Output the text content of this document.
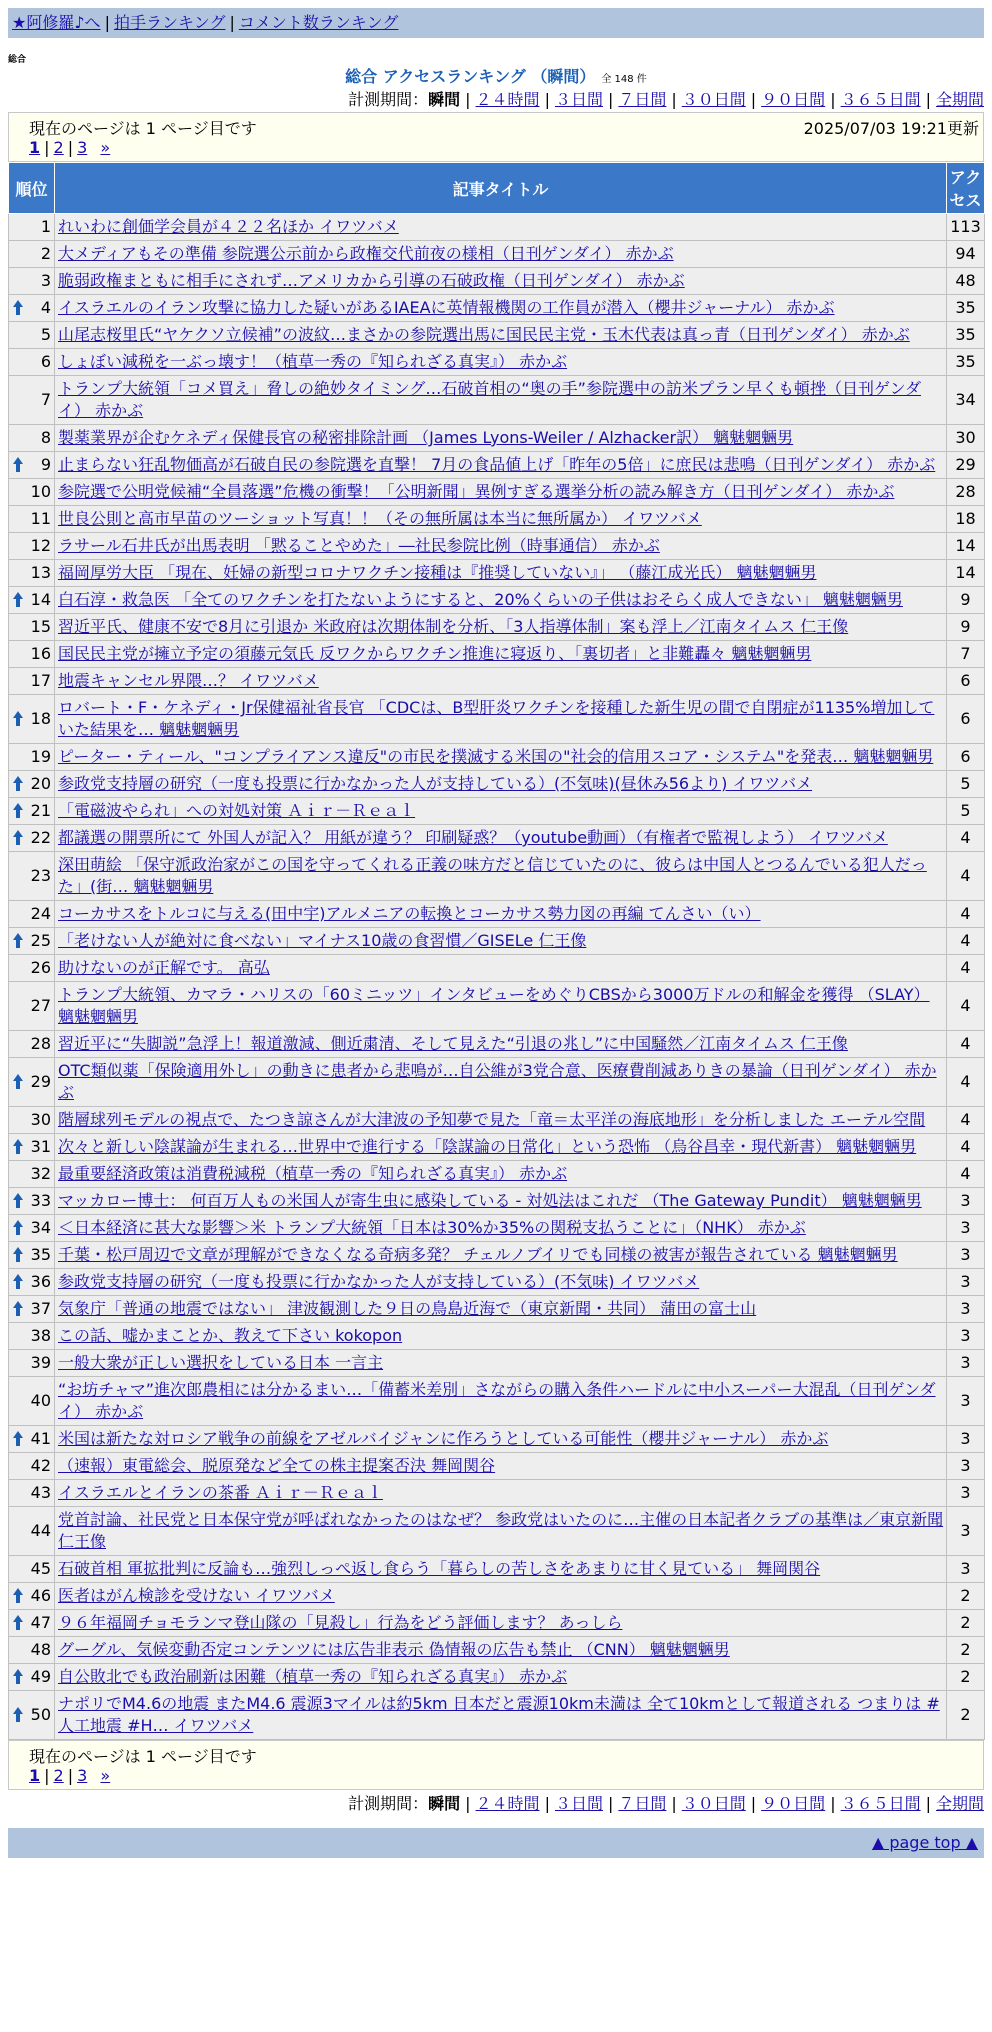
★阿修羅♪へ | 拍手ランキング | コメント数ランキング
総合
総合 アクセスランキング （瞬間） 全 148 件
計測期間：瞬間 | ２４時間 | ３日間 | ７日間 | ３０日間 | ９０日間 | ３６５日間 | 全期間
現在のページは 1 ページ目です	2025/07/03 19:21更新
1 | 2 | 3 »
順位	記事タイトル	アクセス
1	れいわに創価学会員が４２２名ほか イワツバメ	113
2	大メディアもその準備 参院選公示前から政権交代前夜の様相（日刊ゲンダイ） 赤かぶ	94
3	脆弱政権まともに相手にされず…アメリカから引導の石破政権（日刊ゲンダイ） 赤かぶ	48

4	イスラエルのイラン攻撃に協力した疑いがあるIAEAに英情報機関の工作員が潜入（櫻井ジャーナル） 赤かぶ	35
5	山尾志桜里氏“ヤケクソ立候補”の波紋…まさかの参院選出馬に国民民主党・玉木代表は真っ青（日刊ゲンダイ） 赤かぶ	35
6	しょぼい減税を一ぶっ壊す！（植草一秀の『知られざる真実』） 赤かぶ	35
7	トランプ大統領「コメ買え」脅しの絶妙タイミング…石破首相の“奥の手”参院選中の訪米プラン早くも頓挫（日刊ゲンダイ） 赤かぶ	34
8	製薬業界が企むケネディ保健長官の秘密排除計画 （James Lyons-Weiler / Alzhacker訳） 魑魅魍魎男	30

9	止まらない狂乱物価高が石破自民の参院選を直撃！ 7月の食品値上げ「昨年の5倍」に庶民は悲鳴（日刊ゲンダイ） 赤かぶ	29
10	参院選で公明党候補“全員落選”危機の衝撃！「公明新聞」異例すぎる選挙分析の読み解き方（日刊ゲンダイ） 赤かぶ	28
11	世良公則と高市早苗のツーショット写真！！（その無所属は本当に無所属か） イワツバメ	18
12	ラサール石井氏が出馬表明 「黙ることやめた」―社民参院比例（時事通信） 赤かぶ	14
13	福岡厚労大臣 「現在、妊婦の新型コロナワクチン接種は『推奨していない』」 （藤江成光氏） 魑魅魍魎男	14

14	白石淳・救急医 「全てのワクチンを打たないようにすると、20%くらいの子供はおそらく成人できない」 魑魅魍魎男	9
15	習近平氏、健康不安で8月に引退か 米政府は次期体制を分析、「3人指導体制」案も浮上／江南タイムス 仁王像	9
16	国民民主党が擁立予定の須藤元気氏 反ワクからワクチン推進に寝返り、「裏切者」と非難轟々 魑魅魍魎男	7
17	地震キャンセル界隈…？ イワツバメ	6

18	ロバート・F・ケネディ・Jr保健福祉省長官 「CDCは、B型肝炎ワクチンを接種した新生児の間で自閉症が1135%増加していた結果を… 魑魅魍魎男	6
19	ピーター・ティール、"コンプライアンス違反"の市民を撲滅する米国の"社会的信用スコア・システム"を発表… 魑魅魍魎男	6

20	参政党支持層の研究（一度も投票に行かなかった人が支持している）(不気味)(昼休み56より) イワツバメ	5

21	「電磁波やられ」への対処対策 Ａｉｒ－Ｒｅａｌ	5

22	都議選の開票所にて 外国人が記入？ 用紙が違う？ 印刷疑惑？（youtube動画）（有権者で監視しよう） イワツバメ	4
23	深田萌絵 「保守派政治家がこの国を守ってくれる正義の味方だと信じていたのに、彼らは中国人とつるんでいる犯人だった」(街… 魑魅魍魎男	4
24	コーカサスをトルコに与える(田中宇)アルメニアの転換とコーカサス勢力図の再編 てんさい（い）	4

25	「老けない人が絶対に食べない」マイナス10歳の食習慣／GISELe 仁王像	4
26	助けないのが正解です。 高弘	4
27	トランプ大統領、カマラ・ハリスの「60ミニッツ」インタビューをめぐりCBSから3000万ドルの和解金を獲得 （SLAY） 魑魅魍魎男	4
28	習近平に“失脚説”急浮上！報道激減、側近粛清、そして見えた“引退の兆し”に中国騒然／江南タイムス 仁王像	4

29	OTC類似薬「保険適用外し」の動きに患者から悲鳴が…自公維が3党合意、医療費削減ありきの暴論（日刊ゲンダイ） 赤かぶ	4
30	階層球列モデルの視点で、たつき諒さんが大津波の予知夢で見た「竜＝太平洋の海底地形」を分析しました エーテル空間	4

31	次々と新しい陰謀論が生まれる…世界中で進行する「陰謀論の日常化」という恐怖 （烏谷昌幸・現代新書） 魑魅魍魎男	4
32	最重要経済政策は消費税減税（植草一秀の『知られざる真実』） 赤かぶ	4

33	マッカロー博士： 何百万人もの米国人が寄生虫に感染している - 対処法はこれだ （The Gateway Pundit） 魑魅魍魎男	3

34	＜日本経済に甚大な影響＞米 トランプ大統領「日本は30%か35%の関税支払うことに」（NHK） 赤かぶ	3

35	千葉・松戸周辺で文章が理解ができなくなる奇病多発？ チェルノブイリでも同様の被害が報告されている 魑魅魍魎男	3

36	参政党支持層の研究（一度も投票に行かなかった人が支持している）(不気味) イワツバメ	3

37	気象庁「普通の地震ではない」 津波観測した９日の鳥島近海で（東京新聞・共同） 蒲田の富士山	3
38	この話、嘘かまことか、教えて下さい kokopon	3
39	一般大衆が正しい選択をしている日本 一言主	3
40	“お坊チャマ”進次郎農相には分かるまい…「備蓄米差別」さながらの購入条件ハードルに中小スーパー大混乱（日刊ゲンダイ） 赤かぶ	3

41	米国は新たな対ロシア戦争の前線をアゼルバイジャンに作ろうとしている可能性（櫻井ジャーナル） 赤かぶ	3
42	（速報）東電総会、脱原発など全ての株主提案否決 舞岡関谷	3
43	イスラエルとイランの茶番 Ａｉｒ－Ｒｅａｌ	3
44	党首討論、社民党と日本保守党が呼ばれなかったのはなぜ？ 参政党はいたのに…主催の日本記者クラブの基準は／東京新聞 仁王像	3
45	石破首相 軍拡批判に反論も…強烈しっぺ返し食らう「暮らしの苦しさをあまりに甘く見ている」 舞岡関谷	3

46	医者はがん検診を受けない イワツバメ	2

47	９６年福岡チョモランマ登山隊の「見殺し」行為をどう評価します？ あっしら	2
48	グーグル、気候変動否定コンテンツには広告非表示 偽情報の広告も禁止 （CNN） 魑魅魍魎男	2

49	自公敗北でも政治刷新は困難（植草一秀の『知られざる真実』） 赤かぶ	2

50	ナポリでM4.6の地震 またM4.6 震源3マイルは約5km 日本だと震源10km未満は 全て10kmとして報道される つまりは #人工地震 #H… イワツバメ	2
現在のページは 1 ページ目です
1 | 2 | 3 »
計測期間：瞬間 | ２４時間 | ３日間 | ７日間 | ３０日間 | ９０日間 | ３６５日間 | 全期間
▲ page top ▲
